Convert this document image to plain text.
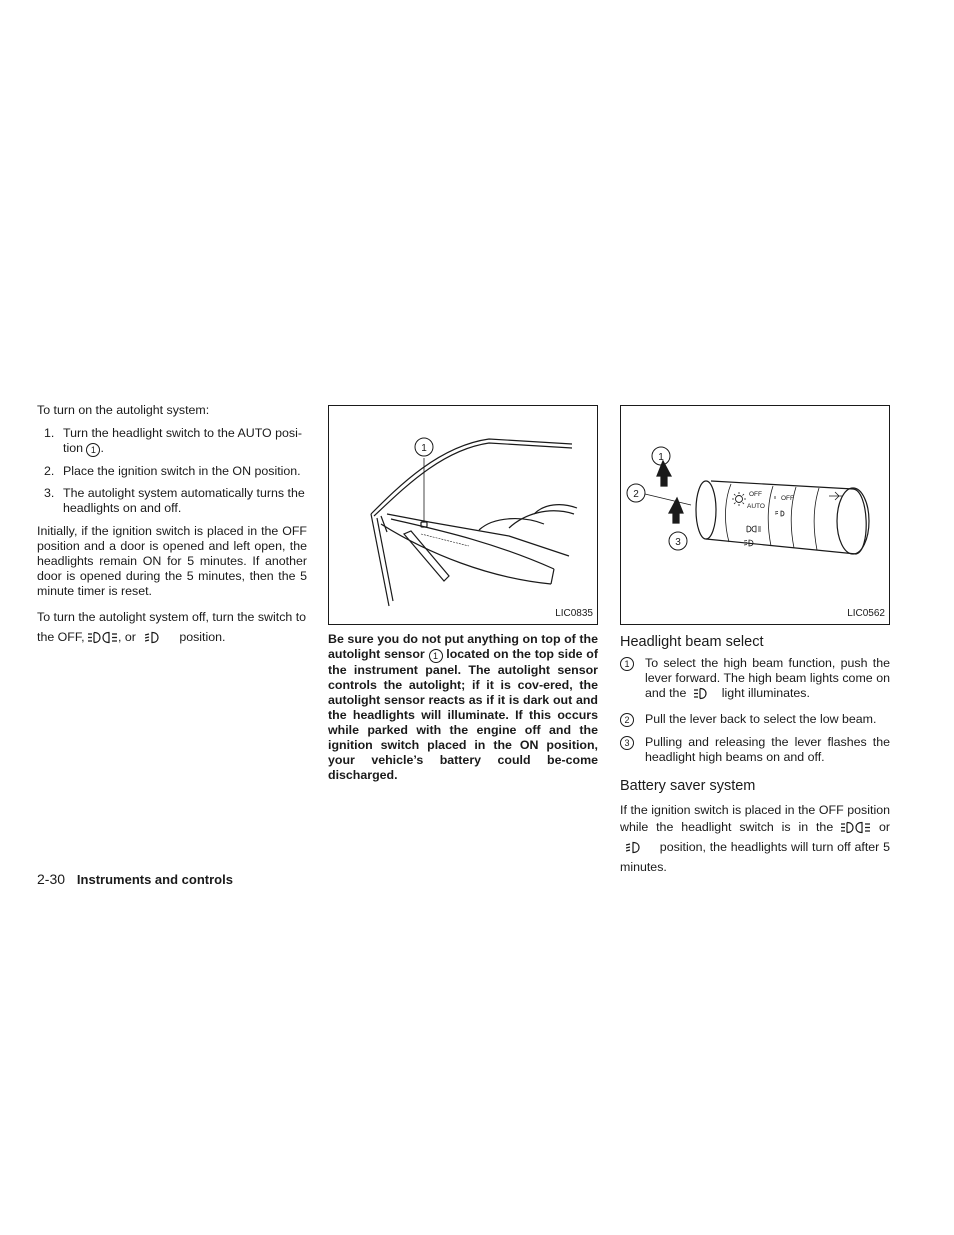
To turn on the autolight system:

1. Turn the headlight switch to the AUTO posi-tion 1 .
2. Place the ignition switch in the ON position.
3. The autolight system automatically turns the headlights on and off.

Initially, if the ignition switch is placed in the OFF position and a door is opened and left open, the headlights remain ON for 5 minutes. If another door is opened during the 5 minutes, then the 5 minute timer is reset.

To turn the autolight system off, turn the switch to the OFF,	, or	position.

1
LIC0835

Be sure you do not put anything on top of the autolight sensor 1 located on the top side of the instrument panel. The autolight sensor controls the autolight; if it is cov-ered, the autolight sensor reacts as if it is dark out and the headlights will illuminate. If this occurs while parked with the engine off and the ignition switch placed in the ON position, your vehicle’s battery could be-come discharged.

1
2
3
OFF
AUTO
OFF
LIC0562

Headlight beam select

1	To select the high beam function, push the lever forward. The high beam lights come on and the	light illuminates.
2	Pull the lever back to select the low beam.
3	Pulling and releasing the lever flashes the headlight high beams on and off.

Battery saver system

If the ignition switch is placed in the OFF position while the headlight switch is in the	or  position, the headlights will turn off after 5 minutes.

2-30 Instruments and controls
